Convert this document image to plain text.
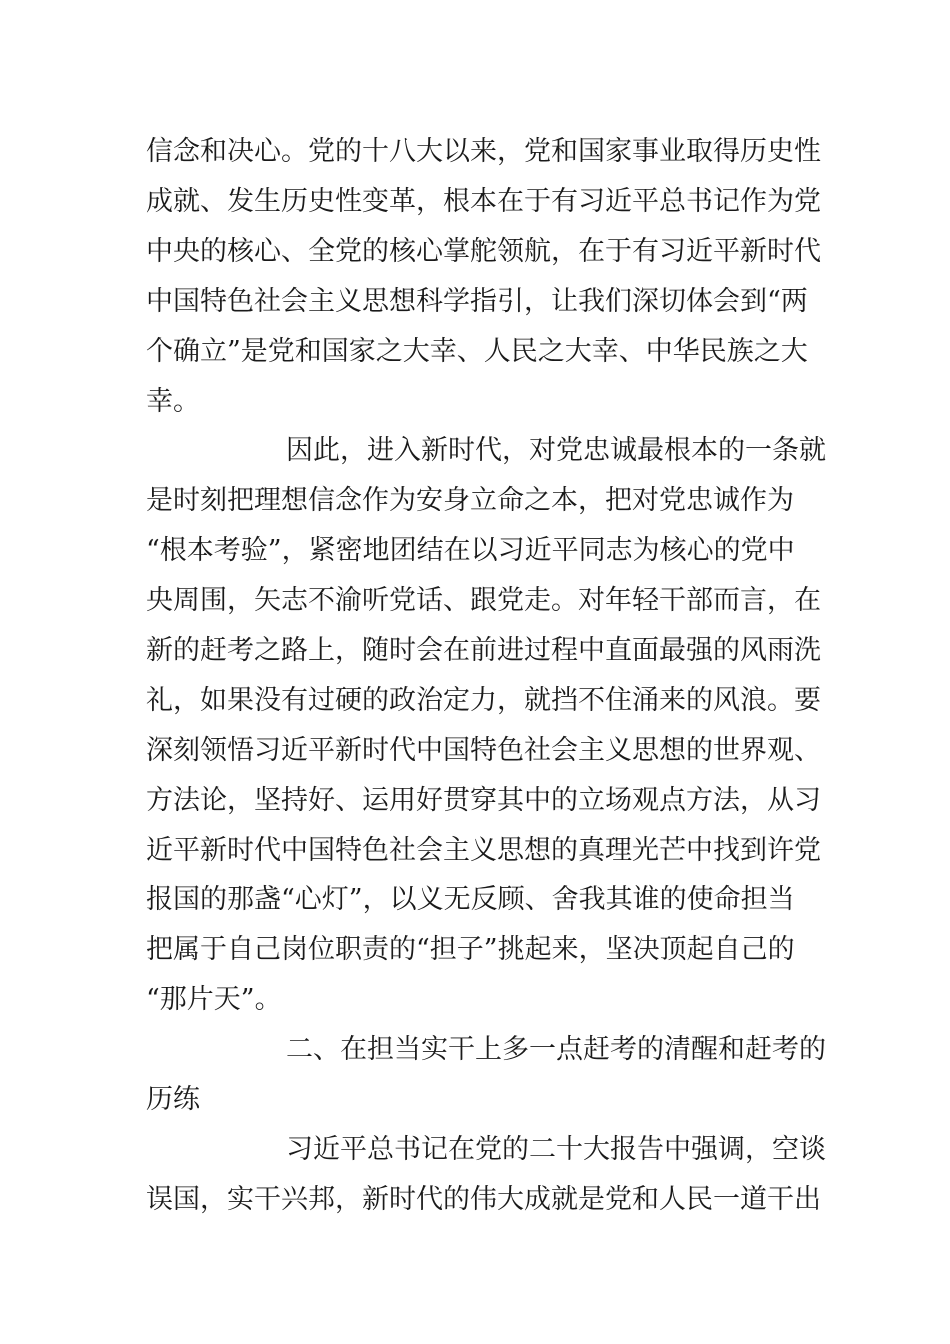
信念和决心。党的十八大以来，党和国家事业取得历史性
成就、发生历史性变革，根本在于有习近平总书记作为党
中央的核心、全党的核心掌舵领航，在于有习近平新时代
中国特色社会主义思想科学指引，让我们深切体会到“两
个确立”是党和国家之大幸、人民之大幸、中华民族之大
幸。
因此，进入新时代，对党忠诚最根本的一条就
是时刻把理想信念作为安身立命之本，把对党忠诚作为
“根本考验”，紧密地团结在以习近平同志为核心的党中
央周围，矢志不渝听党话、跟党走。对年轻干部而言，在
新的赶考之路上，随时会在前进过程中直面最强的风雨洗
礼，如果没有过硬的政治定力，就挡不住涌来的风浪。要
深刻领悟习近平新时代中国特色社会主义思想的世界观、
方法论，坚持好、运用好贯穿其中的立场观点方法，从习
近平新时代中国特色社会主义思想的真理光芒中找到许党
报国的那盏“心灯”，以义无反顾、舍我其谁的使命担当
把属于自己岗位职责的“担子”挑起来，坚决顶起自己的
“那片天”。
二、在担当实干上多一点赶考的清醒和赶考的
历练
习近平总书记在党的二十大报告中强调，空谈
误国，实干兴邦，新时代的伟大成就是党和人民一道干出
